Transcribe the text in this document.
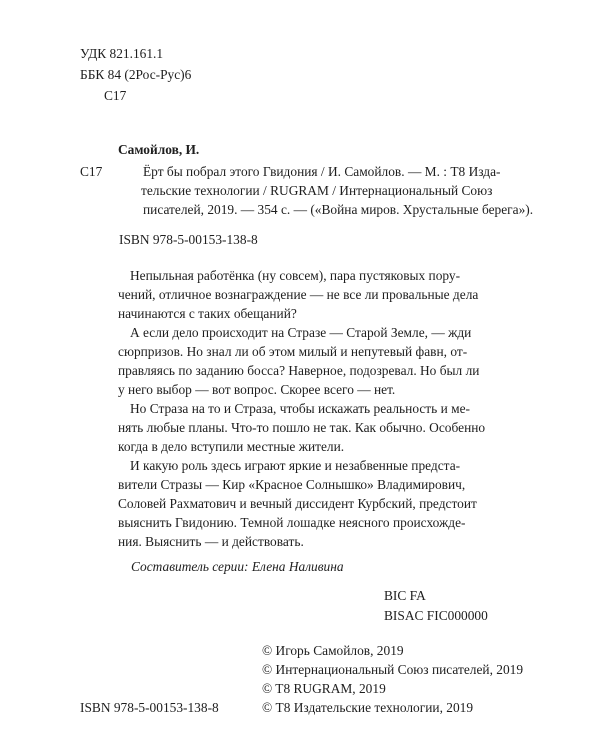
УДК 821.161.1
ББК 84 (2Рос-Рус)6
С17
Самойлов, И.
С17	Ёрт бы побрал этого Гвидония / И. Самойлов. — М. : Т8 Изда-
тельские технологии / RUGRAM / Интернациональный Союз
писателей, 2019. — 354 с. — («Война миров. Хрустальные берега»).
ISBN 978-5-00153-138-8

Непыльная работёнка (ну совсем), пара пустяковых пору-

чений, отличное вознаграждение — не все ли провальные дела

начинаются с таких обещаний?

А если дело происходит на Стразе — Старой Земле, — жди

сюрпризов. Но знал ли об этом милый и непутевый фавн, от-

правляясь по заданию босса? Наверное, подозревал. Но был ли

у него выбор — вот вопрос. Скорее всего — нет.

Но Страза на то и Страза, чтобы искажать реальность и ме-

нять любые планы. Что-то пошло не так. Как обычно. Особенно

когда в дело вступили местные жители.

И какую роль здесь играют яркие и незабвенные предста-

вители Стразы — Кир «Красное Солнышко» Владимирович,

Соловей Рахматович и вечный диссидент Курбский, предстоит

выяснить Гвидонию. Темной лошадке неясного происхожде-

ния. Выяснить — и действовать.

Составитель серии: Елена Наливина
BIC FA
BISAC FIC000000
© Игорь Самойлов, 2019
© Интернациональный Союз писателей, 2019
© T8 RUGRAM, 2019
© Т8 Издательские технологии, 2019
ISBN 978-5-00153-138-8
